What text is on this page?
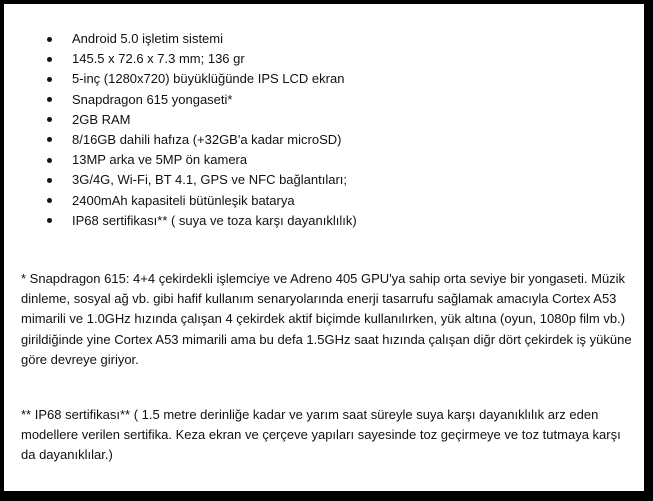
Android 5.0 işletim sistemi
145.5 x 72.6 x 7.3 mm; 136 gr
5-inç (1280x720) büyüklüğünde IPS LCD ekran
Snapdragon 615 yongaseti*
2GB RAM
8/16GB dahili hafıza (+32GB'a kadar microSD)
13MP arka ve 5MP ön kamera
3G/4G, Wi-Fi, BT 4.1, GPS ve NFC bağlantıları;
2400mAh kapasiteli bütünleşik batarya
IP68 sertifikası** ( suya ve toza karşı dayanıklılık)

* Snapdragon 615: 4+4 çekirdekli işlemciye ve Adreno 405 GPU'ya sahip orta seviye bir yongaseti. Müzik dinleme, sosyal ağ vb. gibi hafif kullanım senaryolarında enerji tasarrufu sağlamak amacıyla Cortex A53 mimarili ve 1.0GHz hızında çalışan 4 çekirdek aktif biçimde kullanılırken, yük altına (oyun, 1080p film vb.) girildiğinde yine Cortex A53 mimarili ama bu defa 1.5GHz saat hızında çalışan diğr dört çekirdek iş yüküne göre devreye giriyor.

** IP68 sertifikası** ( 1.5 metre derinliğe kadar ve yarım saat süreyle suya karşı dayanıklılık arz eden modellere verilen sertifika. Keza ekran ve çerçeve yapıları sayesinde toz geçirmeye ve toz tutmaya karşı da dayanıklılar.)
